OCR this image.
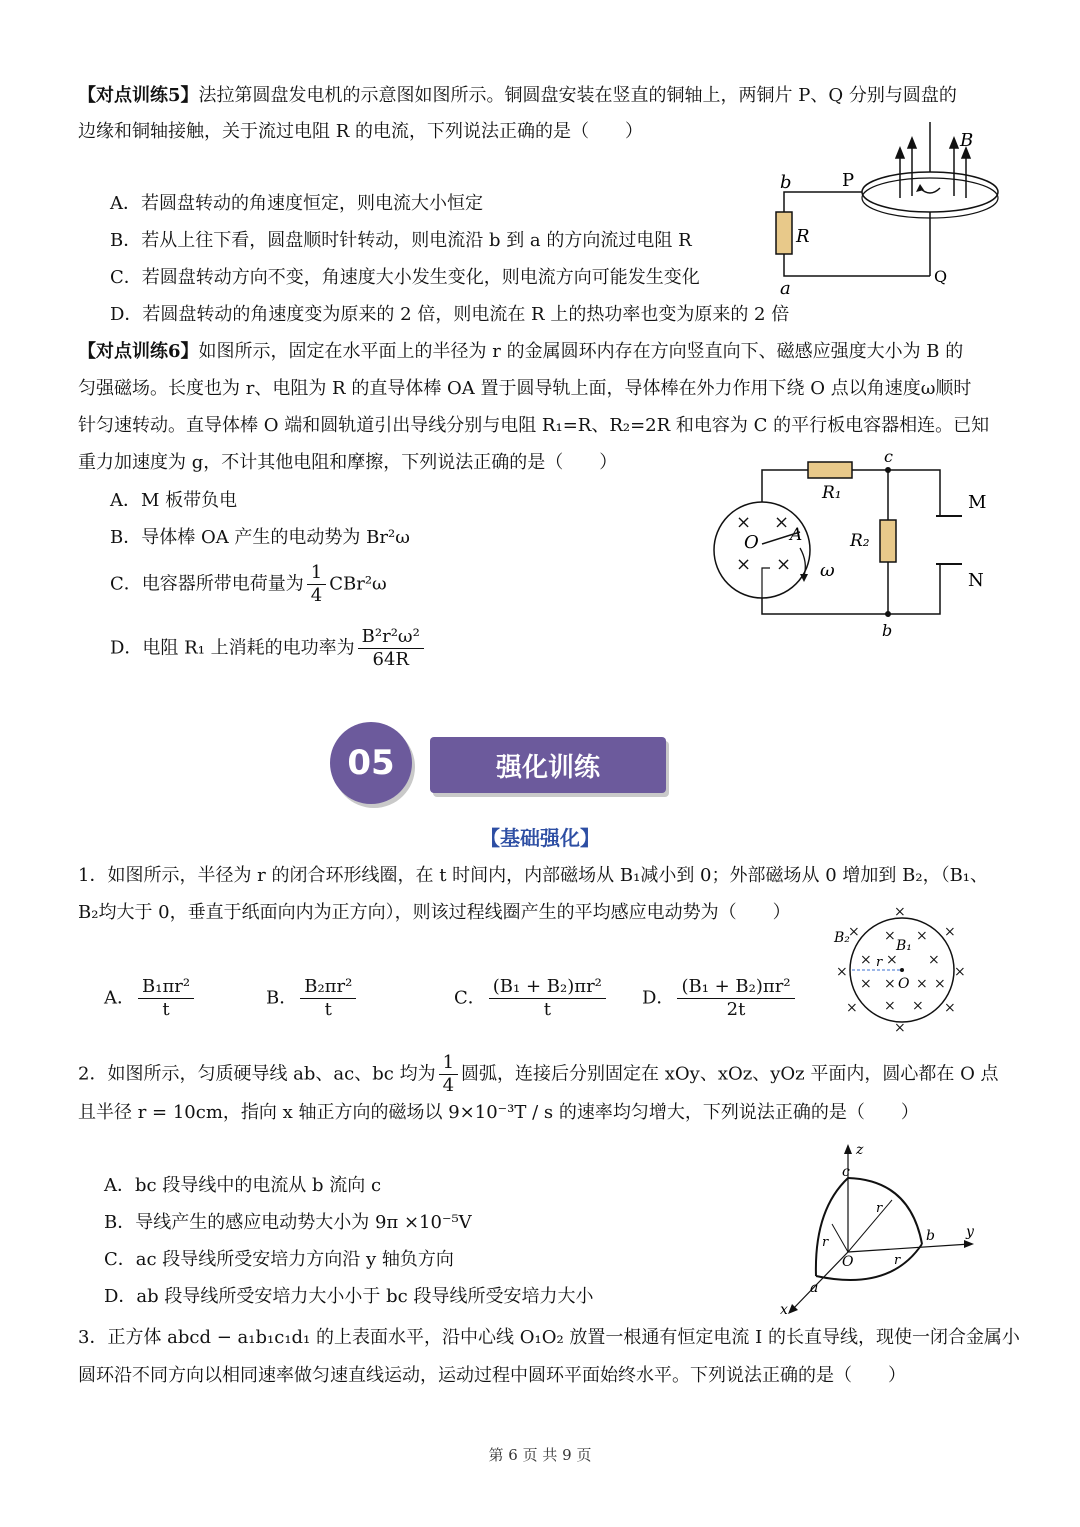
【对点训练5】法拉第圆盘发电机的示意图如图所示。铜圆盘安装在竖直的铜轴上，两铜片 P、Q 分别与圆盘的
边缘和铜轴接触，关于流过电阻 R 的电流，下列说法正确的是（　　）
A．若圆盘转动的角速度恒定，则电流大小恒定
B．若从上往下看，圆盘顺时针转动，则电流沿 b 到 a 的方向流过电阻 R
C．若圆盘转动方向不变，角速度大小发生变化，则电流方向可能发生变化
D．若圆盘转动的角速度变为原来的 2 倍，则电流在 R 上的热功率也变为原来的 2 倍
B
b	P
R
a
Q
【对点训练6】如图所示，固定在水平面上的半径为 r 的金属圆环内存在方向竖直向下、磁感应强度大小为 B 的
匀强磁场。长度也为 r、电阻为 R 的直导体棒 OA 置于圆导轨上面，导体棒在外力作用下绕 O 点以角速度ω顺时
针匀速转动。直导体棒 O 端和圆轨道引出导线分别与电阻 R₁=R、R₂=2R 和电容为 C 的平行板电容器相连。已知
重力加速度为 g，不计其他电阻和摩擦，下列说法正确的是（　　）
A．M 板带负电
B．导体棒 OA 产生的电动势为 Br²ω
C．电容器所带电荷量为 $\frac{1}{4} CBr^2\omega$
D．电阻 R₁ 上消耗的电功率为 $\frac{\text{B²r²ω²}}{64R}$
× ×
× ×
O A
ω
R₁
c
R₂
b
M
N
05	强化训练
【基础强化】
1．如图所示，半径为 r 的闭合环形线圈，在 t 时间内，内部磁场从 B₁减小到 0；外部磁场从 0 增加到 B₂，（B₁、
B₂均大于 0，垂直于纸面向内为正方向），则该过程线圈产生的平均感应电动势为（　　）
A． $\frac{\text{B₁πr²}}{t}$	B． $\frac{\text{B₂πr²}}{t}$	C． $\frac{\text{(B₁ + B₂)πr²}}{t}$ D． $\frac{\text{(B₁ + B₂)πr²}}{2t}$
×
×
×
×
×
×
×
× × ×
× × ×
× × × ×
× ×
B₂	B₁
r
O
2．如图所示，匀质硬导线 ab、ac、bc 均为 $\frac{1}{4}$ 圆弧，连接后分别固定在 xOy、xOz、yOz 平面内，圆心都在 O 点
且半径 r = 10cm，指向 x 轴正方向的磁场以 9×10⁻³T / s 的速率均匀增大，下列说法正确的是（　　）
A．bc 段导线中的电流从 b 流向 c
B．导线产生的感应电动势大小为 9π ×10⁻⁵V
C．ac 段导线所受安培力方向沿 y 轴负方向
D．ab 段导线所受安培力大小小于 bc 段导线所受安培力大小
z
y
x
c
r
r
r
b
O
a
3．正方体 abcd − a₁b₁c₁d₁ 的上表面水平，沿中心线 O₁O₂ 放置一根通有恒定电流 I 的长直导线，现使一闭合金属小
圆环沿不同方向以相同速率做匀速直线运动，运动过程中圆环平面始终水平。下列说法正确的是（　　）
第 6 页 共 9 页
